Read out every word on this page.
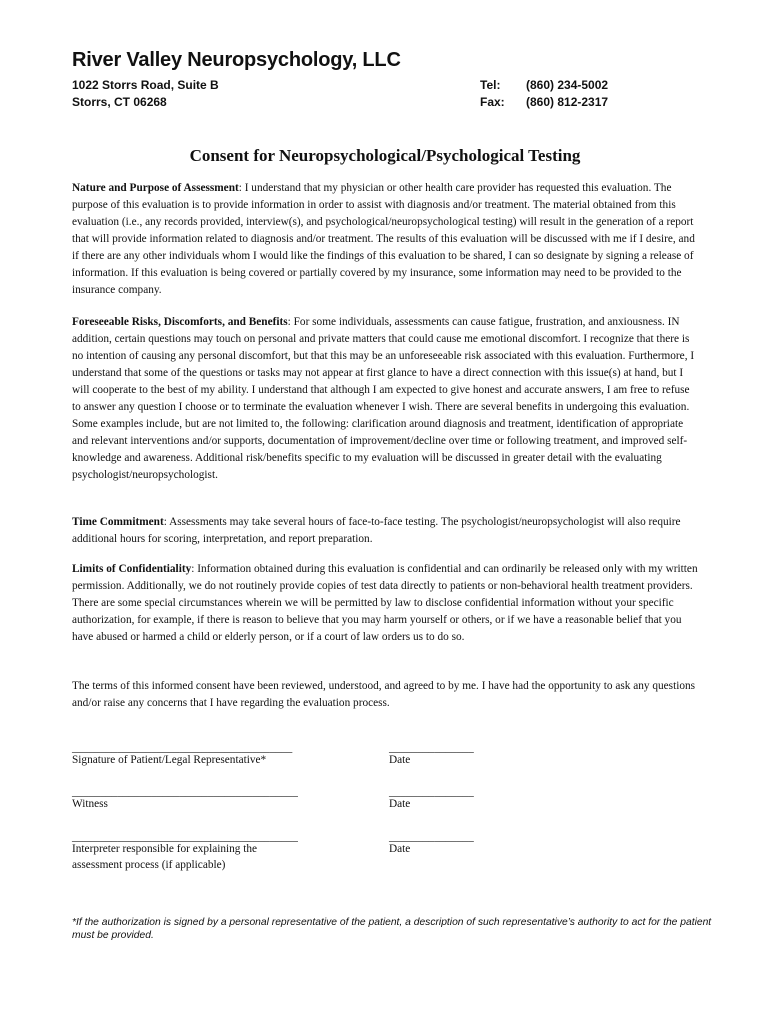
River Valley Neuropsychology, LLC
1022 Storrs Road, Suite B
Storrs, CT 06268
Tel: (860) 234-5002
Fax: (860) 812-2317
Consent for Neuropsychological/Psychological Testing
Nature and Purpose of Assessment: I understand that my physician or other health care provider has requested this evaluation. The purpose of this evaluation is to provide information in order to assist with diagnosis and/or treatment. The material obtained from this evaluation (i.e., any records provided, interview(s), and psychological/neuropsychological testing) will result in the generation of a report that will provide information related to diagnosis and/or treatment. The results of this evaluation will be discussed with me if I desire, and if there are any other individuals whom I would like the findings of this evaluation to be shared, I can so designate by signing a release of information. If this evaluation is being covered or partially covered by my insurance, some information may need to be provided to the insurance company.
Foreseeable Risks, Discomforts, and Benefits: For some individuals, assessments can cause fatigue, frustration, and anxiousness. IN addition, certain questions may touch on personal and private matters that could cause me emotional discomfort. I recognize that there is no intention of causing any personal discomfort, but that this may be an unforeseeable risk associated with this evaluation. Furthermore, I understand that some of the questions or tasks may not appear at first glance to have a direct connection with this issue(s) at hand, but I will cooperate to the best of my ability. I understand that although I am expected to give honest and accurate answers, I am free to refuse to answer any question I choose or to terminate the evaluation whenever I wish. There are several benefits in undergoing this evaluation. Some examples include, but are not limited to, the following: clarification around diagnosis and treatment, identification of appropriate and relevant interventions and/or supports, documentation of improvement/decline over time or following treatment, and improved self-knowledge and awareness. Additional risk/benefits specific to my evaluation will be discussed in greater detail with the evaluating psychologist/neuropsychologist.
Time Commitment: Assessments may take several hours of face-to-face testing. The psychologist/neuropsychologist will also require additional hours for scoring, interpretation, and report preparation.
Limits of Confidentiality: Information obtained during this evaluation is confidential and can ordinarily be released only with my written permission. Additionally, we do not routinely provide copies of test data directly to patients or non-behavioral health treatment providers. There are some special circumstances wherein we will be permitted by law to disclose confidential information without your specific authorization, for example, if there is reason to believe that you may harm yourself or others, or if we have a reasonable belief that you have abused or harmed a child or elderly person, or if a court of law orders us to do so.
The terms of this informed consent have been reviewed, understood, and agreed to by me. I have had the opportunity to ask any questions and/or raise any concerns that I have regarding the evaluation process.
_______________________________________
Signature of Patient/Legal Representative*
_______________
Date
________________________________________
Witness
_______________
Date
________________________________________
Interpreter responsible for explaining the
assessment process (if applicable)
_______________
Date
*If the authorization is signed by a personal representative of the patient, a description of such representative’s authority to act for the patient must be provided.
